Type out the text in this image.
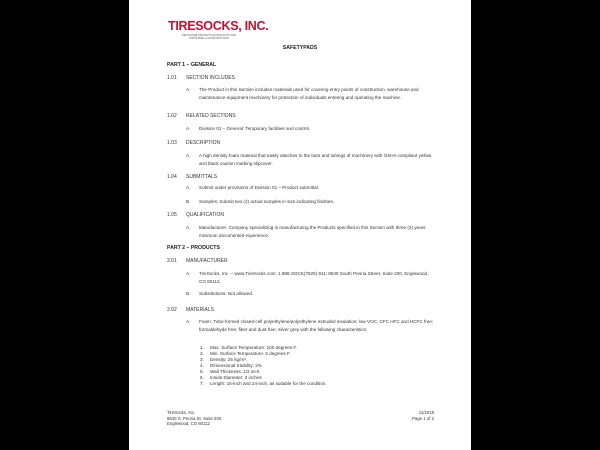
TIRESOCKS, INC.
INNOVATIVE PROTECTIVE PRODUCTS FOR INDUSTRIAL & CONSTRUCTION
SAFETYPADS
PART 1 – GENERAL
1.01 SECTION INCLUDES
A. The Product in this Section includes materials used for covering entry points of construction, warehouse and maintenance equipment machinery for protection of individuals entering and operating the machine.
1.02 RELATED SECTIONS
A. Division 01 – General: Temporary facilities and control.
1.03 DESCRIPTION
A. A high density foam material that easily attaches to the bars and tubings of machinery with OSHA compliant yellow and black caution marking slipcover.
1.04 SUBMITTALS
A. Submit under provisions of Division 01 – Product submittal.
B. Samples: Submit two (2) actual samples in size indicating finishes.
1.05 QUALIFICATION
A. Manufacturer: Company specializing in manufacturing the Products specified in this Section with three (3) years minimum documented experience.
PART 2 – PRODUCTS
2.01 MANUFACTURER
A. TireSocks, Inc. – www.TireSocks.com; 1.888.SOCK(7625) 911; 8640 South Peoria Street, Suite 200, Englewood, CO 80112.
B. Substitutions: Not allowed.
2.02 MATERIALS
A. Foam: Tube-formed closed-cell polyethylene/polyethylene extruded insulation; low VOC, CFC HFC and HCFC free; formaldehyde free; fiber and dust free; silver grey with the following characteristics:
1. Max. Surface Temperature: 100 degrees F.
2. Min. Surface Temperature: 5 degrees F.
3. Density: 25 kg/m³.
4. Dimensional Stability: 2%
5. Wall Thickness: 1/2 inch.
6. Inside Diameter: 2 inches
7. Length: 15-inch and 24-inch, as suitable for the condition.
TireSocks, Inc.
8640 S. Peoria St. Suite 200
Englewood, CO 80112
11/2018
Page 1 of 2
